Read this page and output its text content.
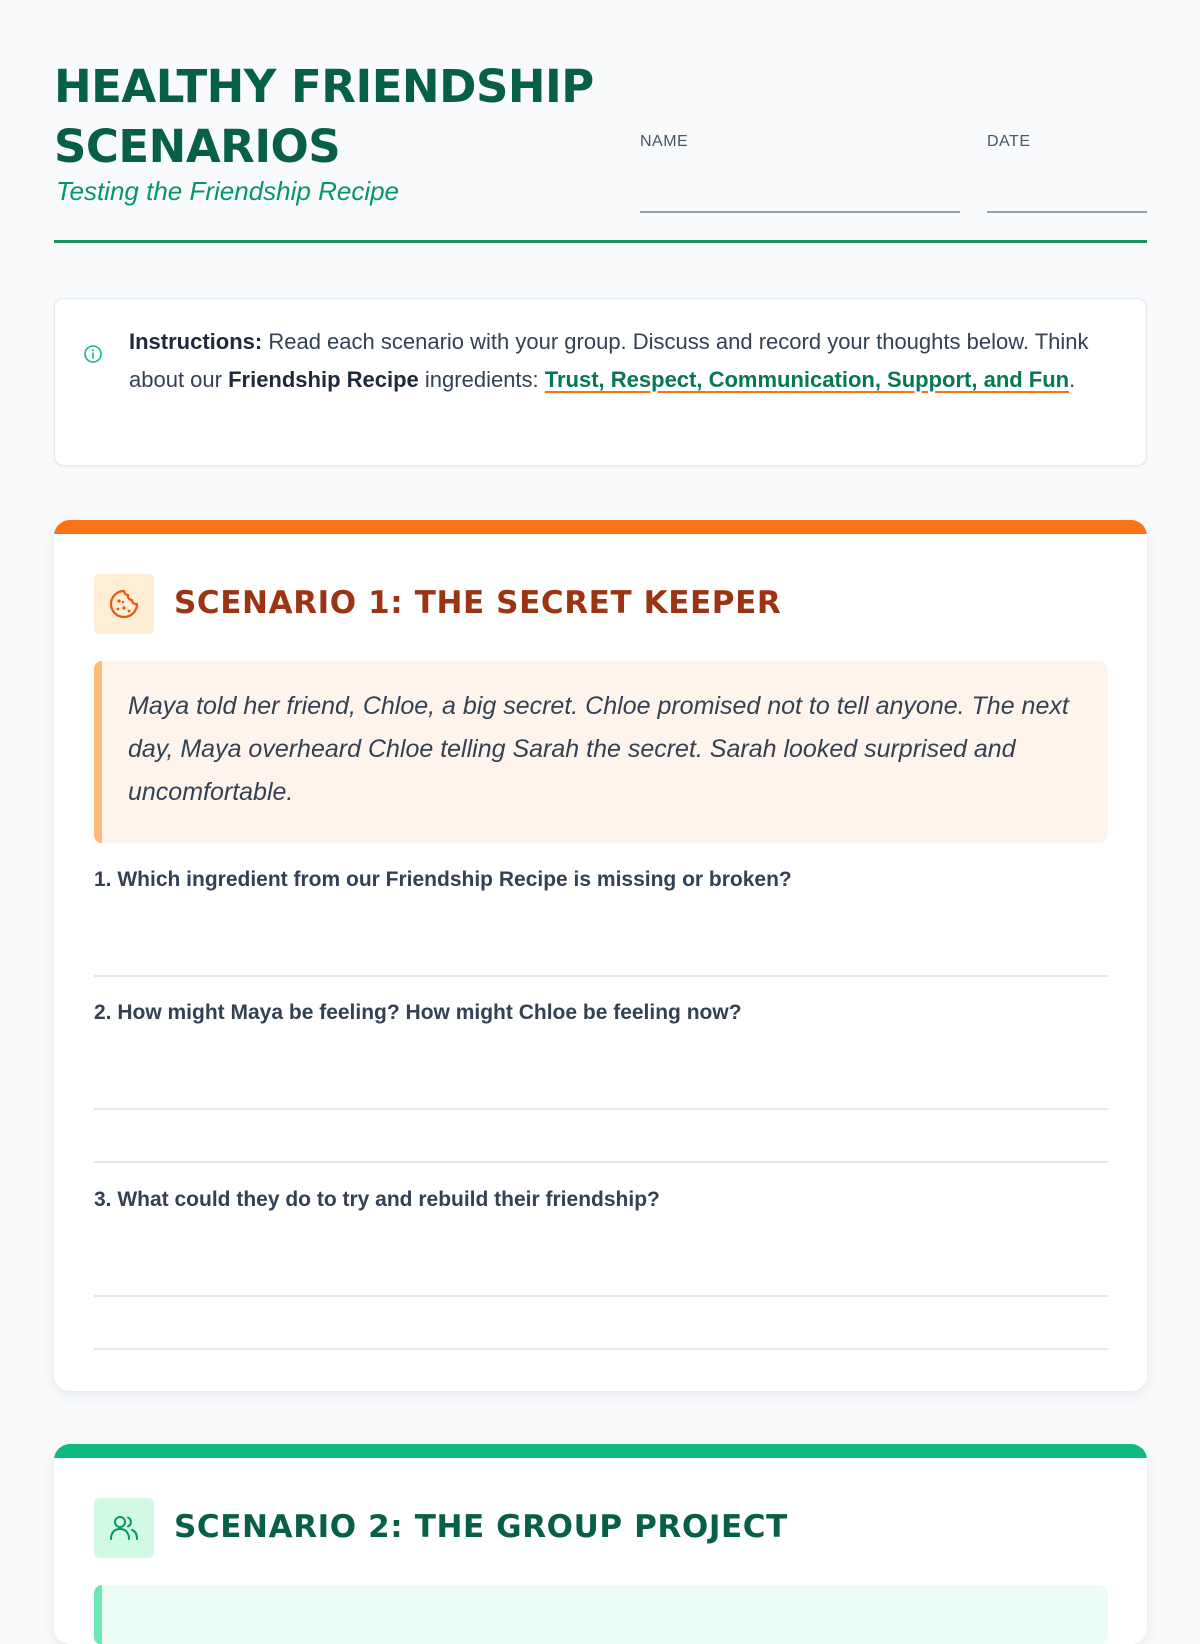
HEALTHY FRIENDSHIP SCENARIOS
Testing the Friendship Recipe
NAME	DATE
Instructions: Read each scenario with your group. Discuss and record your thoughts below. Think about our Friendship Recipe ingredients: Trust, Respect, Communication, Support, and Fun.
SCENARIO 1: THE SECRET KEEPER
Maya told her friend, Chloe, a big secret. Chloe promised not to tell anyone. The next day, Maya overheard Chloe telling Sarah the secret. Sarah looked surprised and uncomfortable.
1. Which ingredient from our Friendship Recipe is missing or broken?
2. How might Maya be feeling? How might Chloe be feeling now?
3. What could they do to try and rebuild their friendship?
SCENARIO 2: THE GROUP PROJECT
